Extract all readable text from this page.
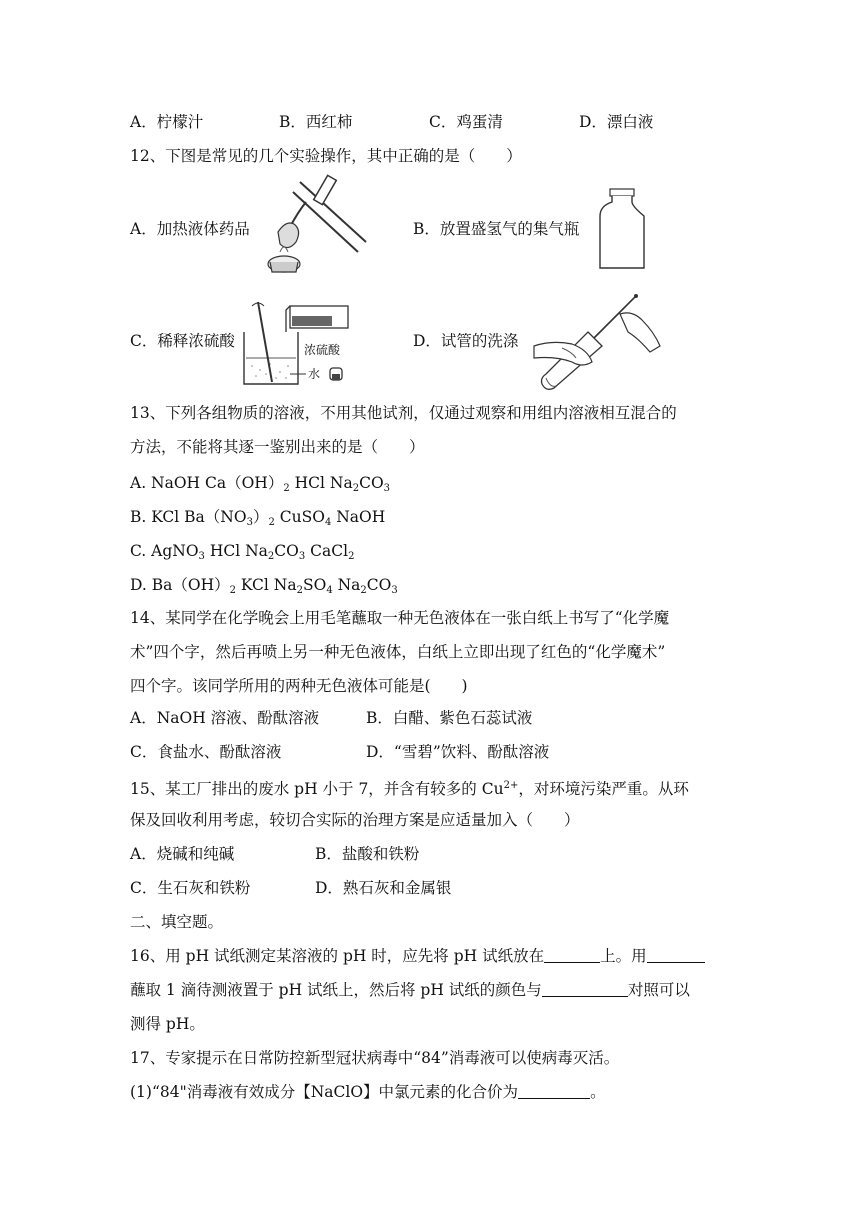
A．柠檬汁	B．西红柿	C．鸡蛋清	D．漂白液
12、下图是常见的几个实验操作，其中正确的是（　　）
A．加热液体药品	B．放置盛氢气的集气瓶
C．稀释浓硫酸	D．试管的洗涤
浓硫酸
水
13、下列各组物质的溶液，不用其他试剂，仅通过观察和用组内溶液相互混合的
方法，不能将其逐一鉴别出来的是（　　）
A. NaOH $Ca(OH)_2$ HCl $Na_2CO_3$
B. KCl $Ba(NO_3)_2$ CuSO$_4$ NaOH
C. AgNO$_3$ HCl $Na_2CO_3$ CaCl$_2$
D. $Ba(OH)_2$ KCl $Na_2SO_4$ $Na_2CO_3$
14、某同学在化学晚会上用毛笔蘸取一种无色液体在一张白纸上书写了“化学魔
术”四个字，然后再喷上另一种无色液体，白纸上立即出现了红色的“化学魔术”
四个字。该同学所用的两种无色液体可能是(　　)
A．NaOH 溶液、酚酞溶液	B．白醋、紫色石蕊试液
C．食盐水、酚酞溶液	D．“雪碧”饮料、酚酞溶液
15、某工厂排出的废水 pH 小于 7，并含有较多的 $Cu^{2+}$，对环境污染严重。从环
保及回收利用考虑，较切合实际的治理方案是应适量加入（　　）
A．烧碱和纯碱	B．盐酸和铁粉
C．生石灰和铁粉	D．熟石灰和金属银
二、填空题。
16、用 pH 试纸测定某溶液的 pH 时，应先将 pH 试纸放在	上。用
蘸取 1 滴待测液置于 pH 试纸上，然后将 pH 试纸的颜色与	对照可以
测得 pH。
17、专家提示在日常防控新型冠状病毒中“84”消毒液可以使病毒灭活。
(1)“84"消毒液有效成分【NaClO】中氯元素的化合价为	。
